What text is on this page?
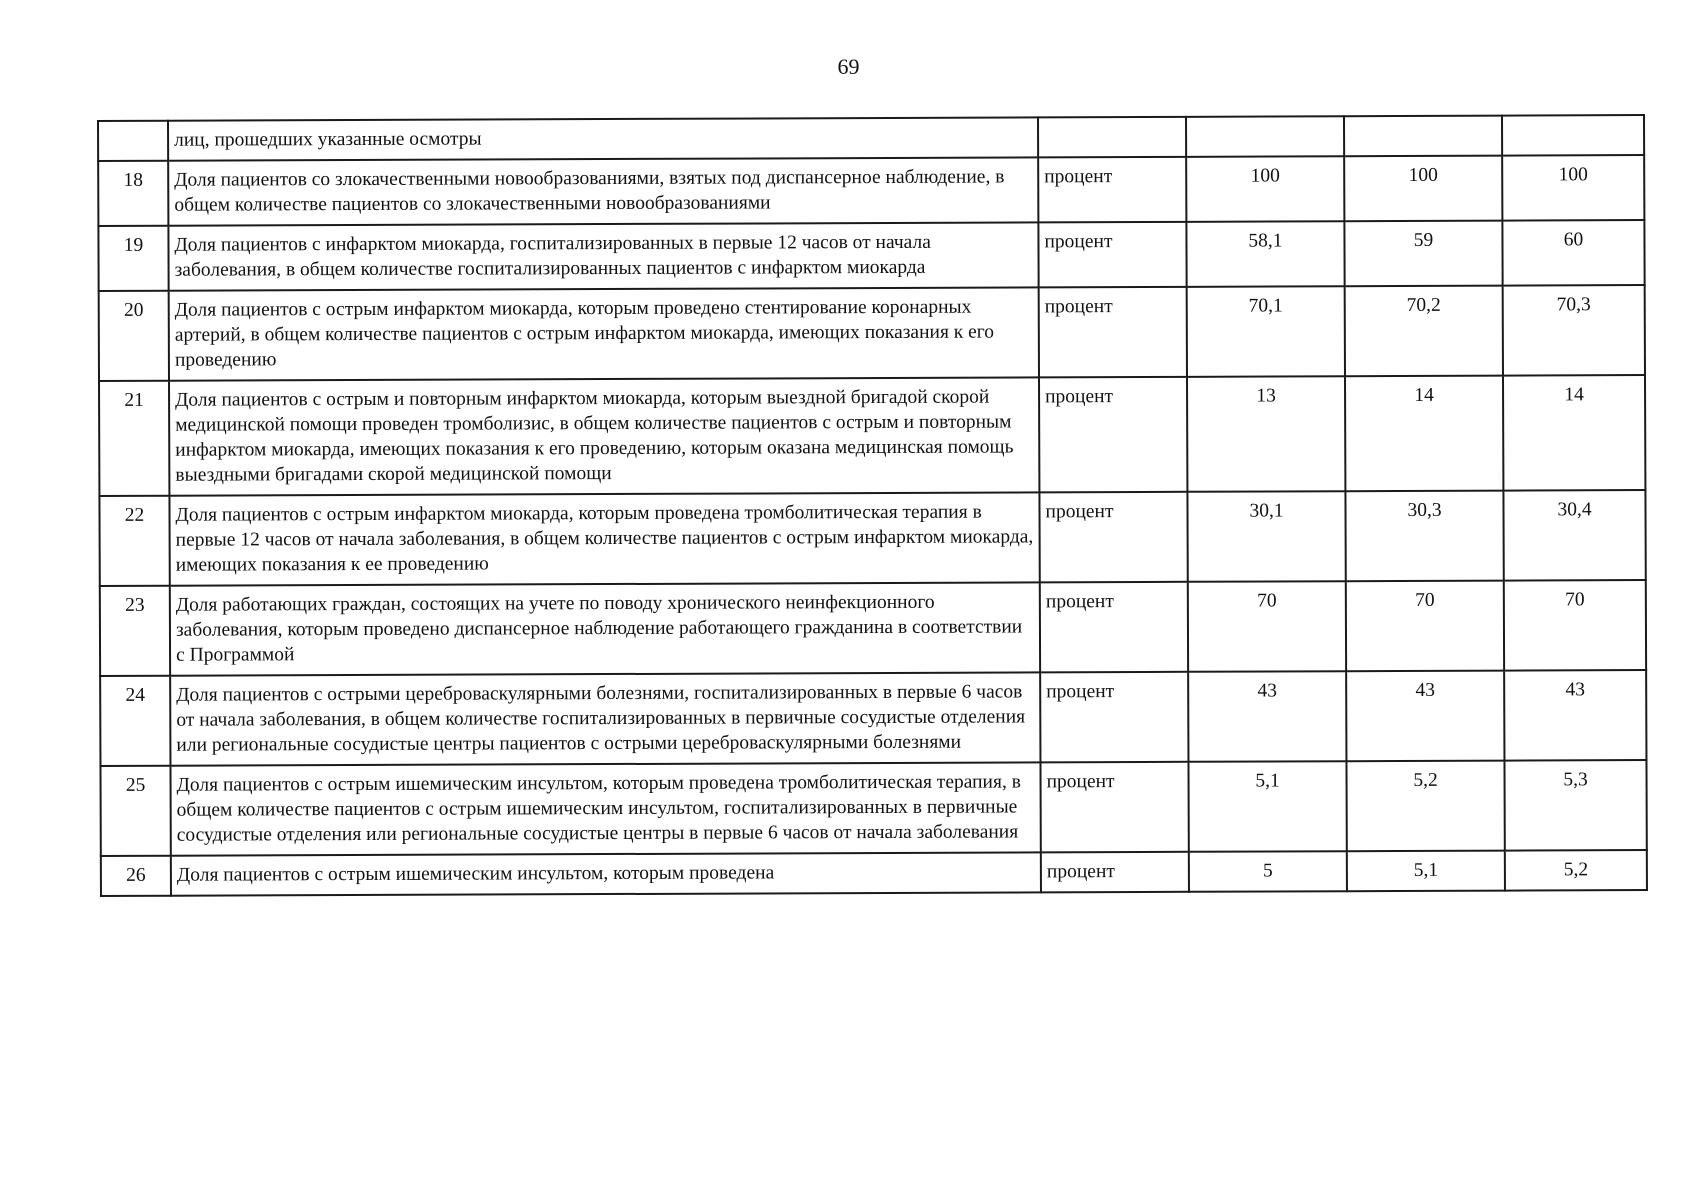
69
	лиц, прошедших указанные осмотры				
18	Доля пациентов со злокачественными новообразованиями, взятых под диспансерное наблюдение, в общем количестве пациентов со злокачественными новообразованиями	процент	100	100	100
19	Доля пациентов с инфарктом миокарда, госпитализированных в первые 12 часов от начала заболевания, в общем количестве госпитализированных пациентов с инфарктом миокарда	процент	58,1	59	60
20	Доля пациентов с острым инфарктом миокарда, которым проведено стентирование коронарных артерий, в общем количестве пациентов с острым инфарктом миокарда, имеющих показания к его проведению	процент	70,1	70,2	70,3
21	Доля пациентов с острым и повторным инфарктом миокарда, которым выездной бригадой скорой медицинской помощи проведен тромболизис, в общем количестве пациентов с острым и повторным инфарктом миокарда, имеющих показания к его проведению, которым оказана медицинская помощь выездными бригадами скорой медицинской помощи	процент	13	14	14
22	Доля пациентов с острым инфарктом миокарда, которым проведена тромболитическая терапия в первые 12 часов от начала заболевания, в общем количестве пациентов с острым инфарктом миокарда, имеющих показания к ее проведению	процент	30,1	30,3	30,4
23	Доля работающих граждан, состоящих на учете по поводу хронического неинфекционного заболевания, которым проведено диспансерное наблюдение работающего гражданина в соответствии с Программой	процент	70	70	70
24	Доля пациентов с острыми цереброваскулярными болезнями, госпитализированных в первые 6 часов от начала заболевания, в общем количестве госпитализированных в первичные сосудистые отделения или региональные сосудистые центры пациентов с острыми цереброваскулярными болезнями	процент	43	43	43
25	Доля пациентов с острым ишемическим инсультом, которым проведена тромболитическая терапия, в общем количестве пациентов с острым ишемическим инсультом, госпитализированных в первичные сосудистые отделения или региональные сосудистые центры в первые 6 часов от начала заболевания	процент	5,1	5,2	5,3
26	Доля пациентов с острым ишемическим инсультом, которым проведена	процент	5	5,1	5,2
